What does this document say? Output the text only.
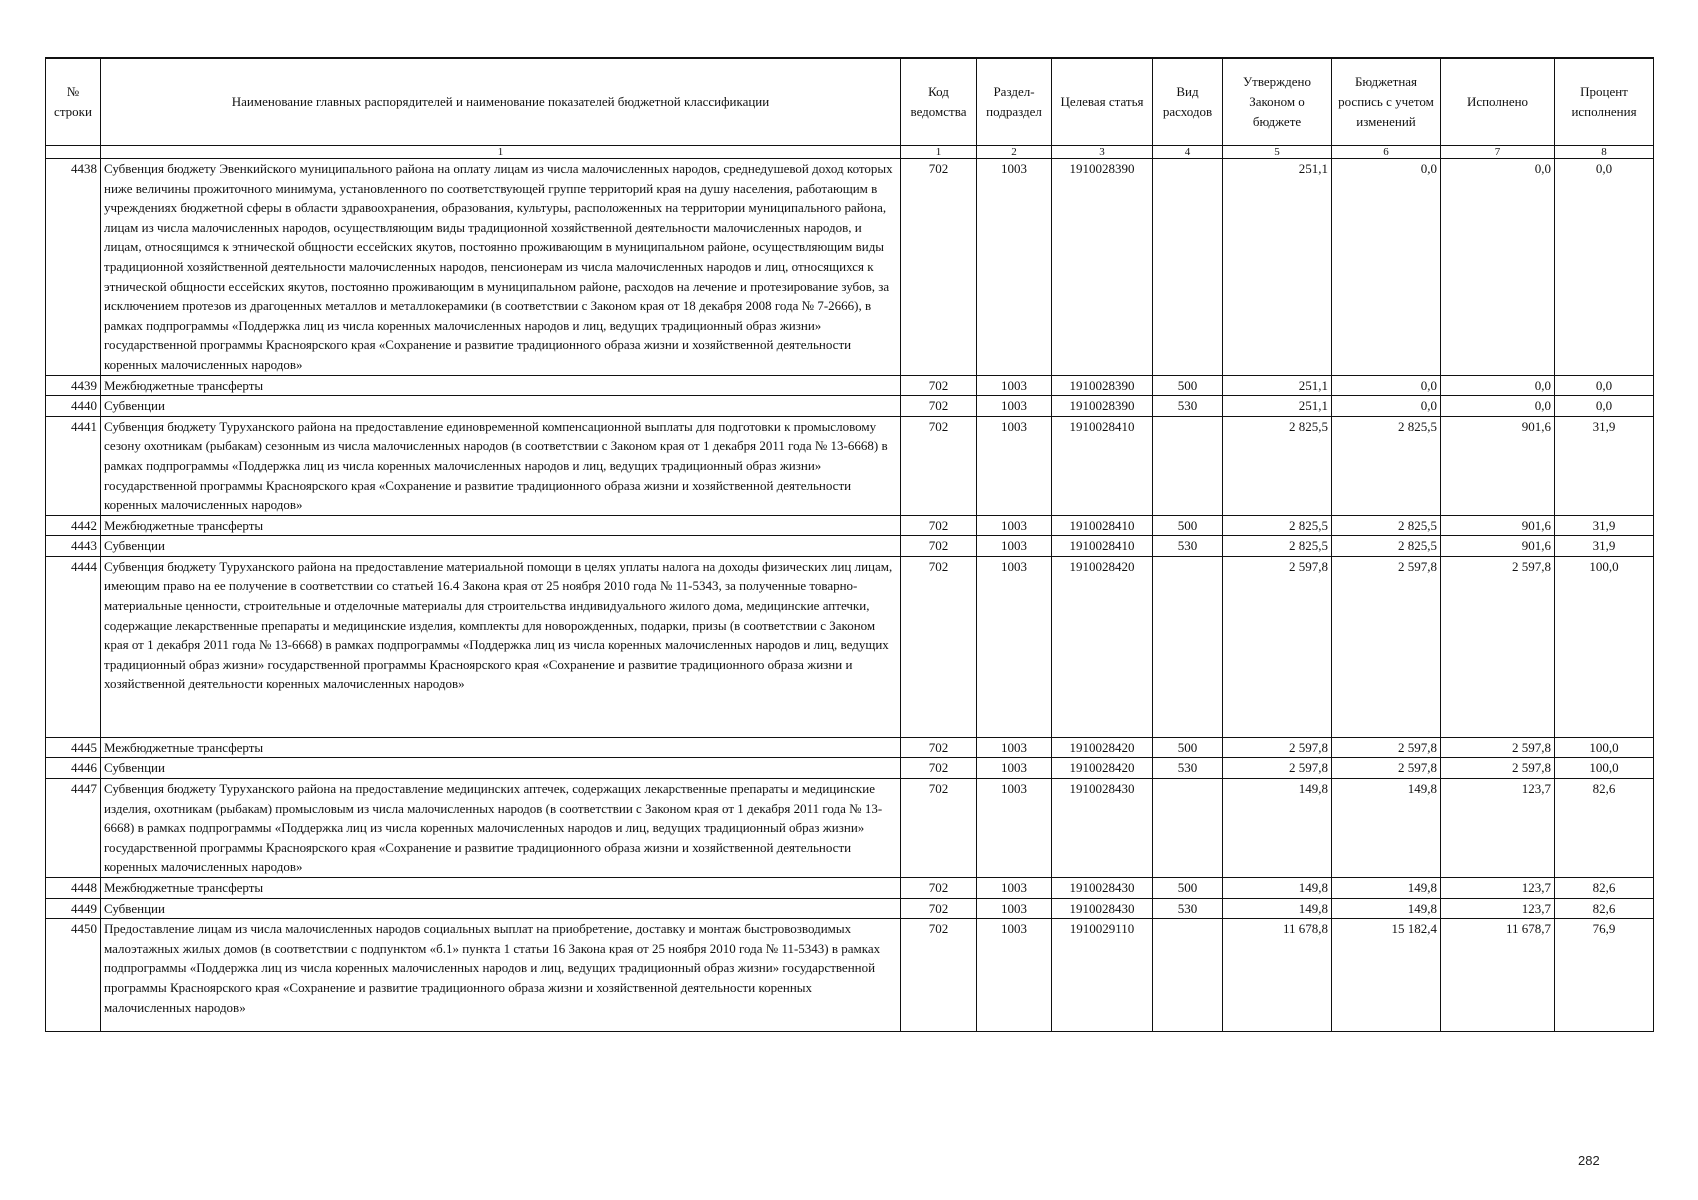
№ строки	Наименование главных распорядителей и наименование показателей бюджетной классификации	Код ведомства	Раздел-подраздел	Целевая статья	Вид расходов	Утверждено Законом о бюджете	Бюджетная роспись с учетом изменений	Исполнено	Процент исполнения
	1	1	2	3	4	5	6	7	8
4438	Субвенция бюджету Эвенкийского муниципального района на оплату лицам из числа малочисленных народов, среднедушевой доход которых ниже величины прожиточного минимума, установленного по соответствующей группе территорий края на душу населения, работающим в учреждениях бюджетной сферы в области здравоохранения, образования, культуры, расположенных на территории муниципального района, лицам из числа малочисленных народов, осуществляющим виды традиционной хозяйственной деятельности малочисленных народов, и лицам, относящимся к этнической общности ессейских якутов, постоянно проживающим в муниципальном районе, осуществляющим виды традиционной хозяйственной деятельности малочисленных народов, пенсионерам из числа малочисленных народов и лиц, относящихся к этнической общности ессейских якутов, постоянно проживающим в муниципальном районе, расходов на лечение и протезирование зубов, за исключением протезов из драгоценных металлов и металлокерамики (в соответствии с Законом края от 18 декабря 2008 года № 7-2666), в рамках подпрограммы «Поддержка лиц из числа коренных малочисленных народов и лиц, ведущих традиционный образ жизни» государственной программы Красноярского края «Сохранение и развитие традиционного образа жизни и хозяйственной деятельности коренных малочисленных народов»	702	1003	1910028390		251,1	0,0	0,0	0,0
4439	Межбюджетные трансферты	702	1003	1910028390	500	251,1	0,0	0,0	0,0
4440	Субвенции	702	1003	1910028390	530	251,1	0,0	0,0	0,0
4441	Субвенция бюджету Туруханского района на предоставление единовременной компенсационной выплаты для подготовки к промысловому сезону охотникам (рыбакам) сезонным из числа малочисленных народов (в соответствии с Законом края от 1 декабря 2011 года № 13-6668) в рамках подпрограммы «Поддержка лиц из числа коренных малочисленных народов и лиц, ведущих традиционный образ жизни» государственной программы Красноярского края «Сохранение и развитие традиционного образа жизни и хозяйственной деятельности коренных малочисленных народов»	702	1003	1910028410		2 825,5	2 825,5	901,6	31,9
4442	Межбюджетные трансферты	702	1003	1910028410	500	2 825,5	2 825,5	901,6	31,9
4443	Субвенции	702	1003	1910028410	530	2 825,5	2 825,5	901,6	31,9
4444	Субвенция бюджету Туруханского района на предоставление материальной помощи в целях уплаты налога на доходы физических лиц лицам, имеющим право на ее получение в соответствии со статьей 16.4 Закона края от 25 ноября 2010 года № 11-5343, за полученные товарно-материальные ценности, строительные и отделочные материалы для строительства индивидуального жилого дома, медицинские аптечки, содержащие лекарственные препараты и медицинские изделия, комплекты для новорожденных, подарки, призы (в соответствии с Законом края от 1 декабря 2011 года № 13-6668) в рамках подпрограммы «Поддержка лиц из числа коренных малочисленных народов и лиц, ведущих традиционный образ жизни» государственной программы Красноярского края «Сохранение и развитие традиционного образа жизни и хозяйственной деятельности коренных малочисленных народов»	702	1003	1910028420		2 597,8	2 597,8	2 597,8	100,0
4445	Межбюджетные трансферты	702	1003	1910028420	500	2 597,8	2 597,8	2 597,8	100,0
4446	Субвенции	702	1003	1910028420	530	2 597,8	2 597,8	2 597,8	100,0
4447	Субвенция бюджету Туруханского района на предоставление медицинских аптечек, содержащих лекарственные препараты и медицинские изделия, охотникам (рыбакам) промысловым из числа малочисленных народов (в соответствии с Законом края от 1 декабря 2011 года № 13-6668) в рамках подпрограммы «Поддержка лиц из числа коренных малочисленных народов и лиц, ведущих традиционный образ жизни» государственной программы Красноярского края «Сохранение и развитие традиционного образа жизни и хозяйственной деятельности коренных малочисленных народов»	702	1003	1910028430		149,8	149,8	123,7	82,6
4448	Межбюджетные трансферты	702	1003	1910028430	500	149,8	149,8	123,7	82,6
4449	Субвенции	702	1003	1910028430	530	149,8	149,8	123,7	82,6
4450	Предоставление лицам из числа малочисленных народов социальных выплат на приобретение, доставку и монтаж быстровозводимых малоэтажных жилых домов (в соответствии с подпунктом «б.1» пункта 1 статьи 16 Закона края от 25 ноября 2010 года № 11-5343) в рамках подпрограммы «Поддержка лиц из числа коренных малочисленных народов и лиц, ведущих традиционный образ жизни» государственной программы Красноярского края «Сохранение и развитие традиционного образа жизни и хозяйственной деятельности коренных малочисленных народов»	702	1003	1910029110		11 678,8	15 182,4	11 678,7	76,9
282
